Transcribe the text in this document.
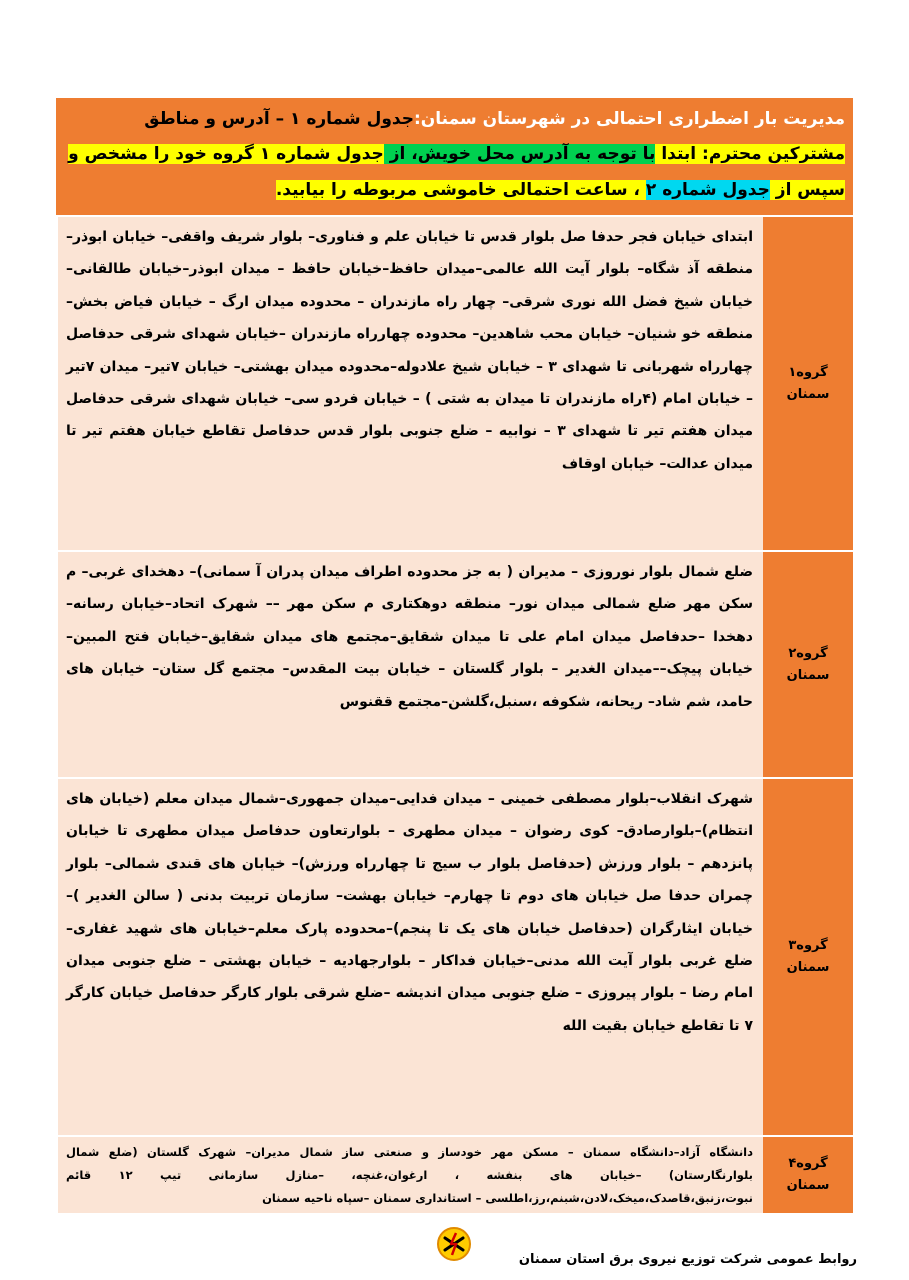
مدیریت بار اضطراری احتمالی در شهرستان سمنان:جدول شماره ۱ – آدرس و مناطق
مشترکین محترم: ابتدا با توجه به آدرس محل خویش، از جدول شماره ۱ گروه خود را مشخص و سپس از جدول شماره ۲ ، ساعت احتمالی خاموشی مربوطه را بیابید.
گروه۱
سمنان
ابتدای خیابان فجر حدفا صل بلوار قدس تا خیابان علم و فناوری– بلوار شریف واقفی– خیابان ابوذر–منطقه آذ شگاه– بلوار آیت الله عالمی–میدان حافظ–خیابان حافظ – میدان ابوذر–خیابان طالقانی–خیابان شیخ فضل الله نوری شرقی– چهار راه مازندران – محدوده میدان ارگ – خیابان فیاض بخش– منطقه خو شنیان– خیابان محب شاهدین– محدوده چهارراه مازندران –خیابان شهدای شرقی حدفاصل چهارراه شهربانی تا شهدای ۳ – خیابان شیخ علادوله–محدوده میدان بهشتی– خیابان ۷تیر– میدان ۷تیر – خیابان امام (۴راه مازندران تا میدان به شتی ) – خیابان فردو سی– خیابان شهدای شرقی حدفاصل میدان هفتم تیر تا شهدای ۳ – نوابیه – ضلع جنوبی بلوار قدس حدفاصل تقاطع خیابان هفتم تیر تا میدان عدالت– خیابان اوقاف
گروه۲
سمنان
ضلع شمال بلوار نوروزی – مدیران ( به جز محدوده اطراف میدان پدران آ سمانی)– دهخدای غربی– م سکن مهر ضلع شمالی میدان نور– منطقه دوهکتاری م سکن مهر –– شهرک اتحاد–خیابان رسانه– دهخدا –حدفاصل میدان امام علی تا میدان شقایق–مجتمع های میدان شقایق–خیابان فتح المبین–خیابان پیچک––میدان الغدیر – بلوار گلستان – خیابان بیت المقدس– مجتمع گل ستان– خیابان های حامد، شم شاد– ریحانه، شکوفه ،سنبل،گلشن–مجتمع ققنوس
گروه۳
سمنان
شهرک انقلاب–بلوار مصطفی خمینی – میدان فدایی–میدان جمهوری–شمال میدان معلم (خیابان های انتظام)–بلوارصادق– کوی رضوان – میدان مطهری – بلوارتعاون حدفاصل میدان مطهری تا خیابان پانزدهم – بلوار ورزش (حدفاصل بلوار ب سیج تا چهارراه ورزش)– خیابان های قندی شمالی– بلوار چمران حدفا صل خیابان های دوم تا چهارم– خیابان بهشت– سازمان تربیت بدنی ( سالن الغدیر )–خیابان ایثارگران (حدفاصل خیابان های یک تا پنجم)–محدوده پارک معلم–خیابان های شهید غفاری– ضلع غربی بلوار آیت الله مدنی–خیابان فداکار – بلوارجهادیه – خیابان بهشتی – ضلع جنوبی میدان امام رضا – بلوار پیروزی – ضلع جنوبی میدان اندیشه –ضلع شرقی بلوار کارگر حدفاصل خیابان کارگر ۷ تا تقاطع خیابان بقیت الله
گروه۴
سمنان
دانشگاه آزاد–دانشگاه سمنان – مسکن مهر خودساز و صنعتی ساز شمال مدیران– شهرک گلستان (ضلع شمال بلوارنگارستان) –خیابان های بنفشه ، ارغوان،غنچه، –منازل سازمانی تیپ ۱۲ قائم نبوت،زنبق،قاصدک،میخک،لادن،شبنم،رز،اطلسی – استانداری سمنان –سپاه ناحیه سمنان
روابط عمومی شرکت توزیع نیروی برق استان سمنان
